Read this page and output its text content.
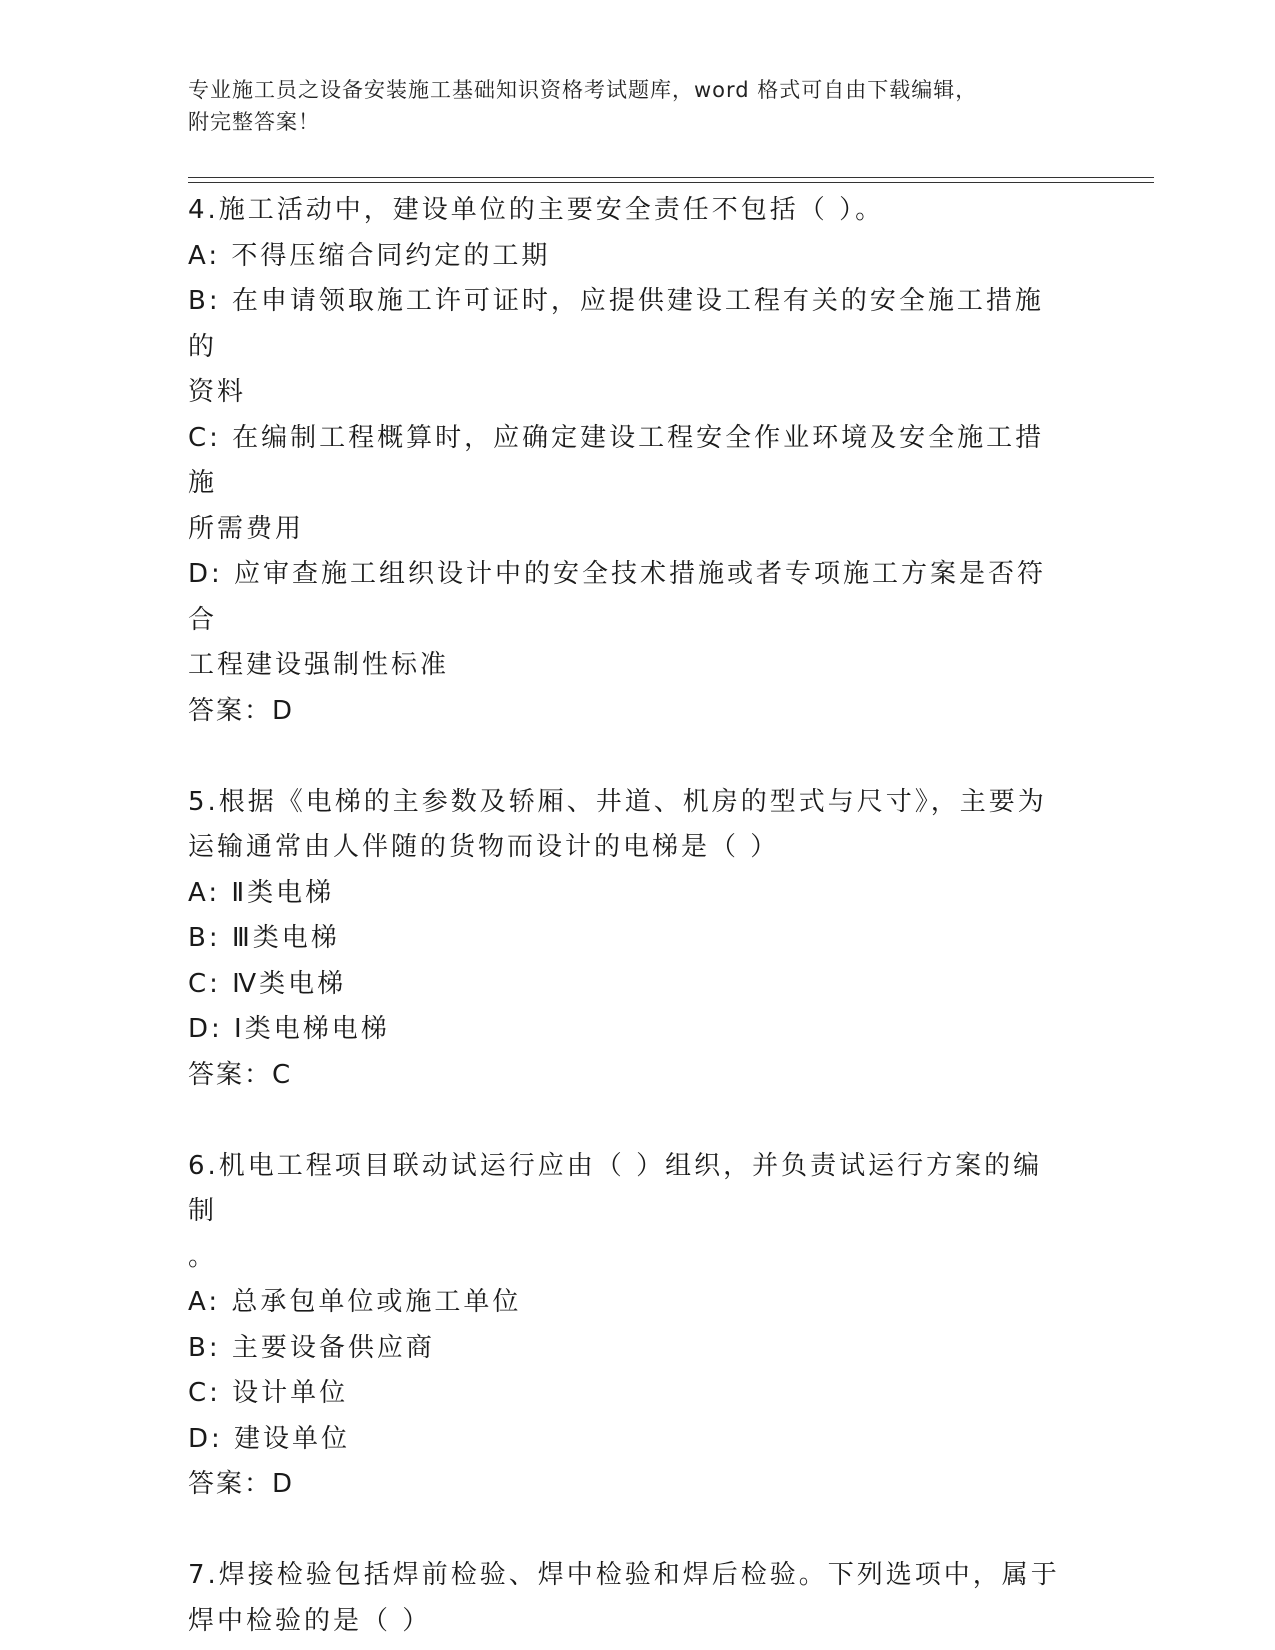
专业施工员之设备安装施工基础知识资格考试题库，word 格式可自由下载编辑，
附完整答案！
4.施工活动中，建设单位的主要安全责任不包括（ ）。
A: 不得压缩合同约定的工期
B: 在申请领取施工许可证时，应提供建设工程有关的安全施工措施的
资料
C: 在编制工程概算时，应确定建设工程安全作业环境及安全施工措施
所需费用
D: 应审查施工组织设计中的安全技术措施或者专项施工方案是否符合
工程建设强制性标准
答案：D
5.根据《电梯的主参数及轿厢、井道、机房的型式与尺寸》，主要为
运输通常由人伴随的货物而设计的电梯是（ ）
A: Ⅱ类电梯
B: Ⅲ类电梯
C: Ⅳ类电梯
D: Ⅰ类电梯电梯
答案：C
6.机电工程项目联动试运行应由（ ）组织，并负责试运行方案的编制
。
A: 总承包单位或施工单位
B: 主要设备供应商
C: 设计单位
D: 建设单位
答案：D
7.焊接检验包括焊前检验、焊中检验和焊后检验。下列选项中，属于
焊中检验的是（ ）
